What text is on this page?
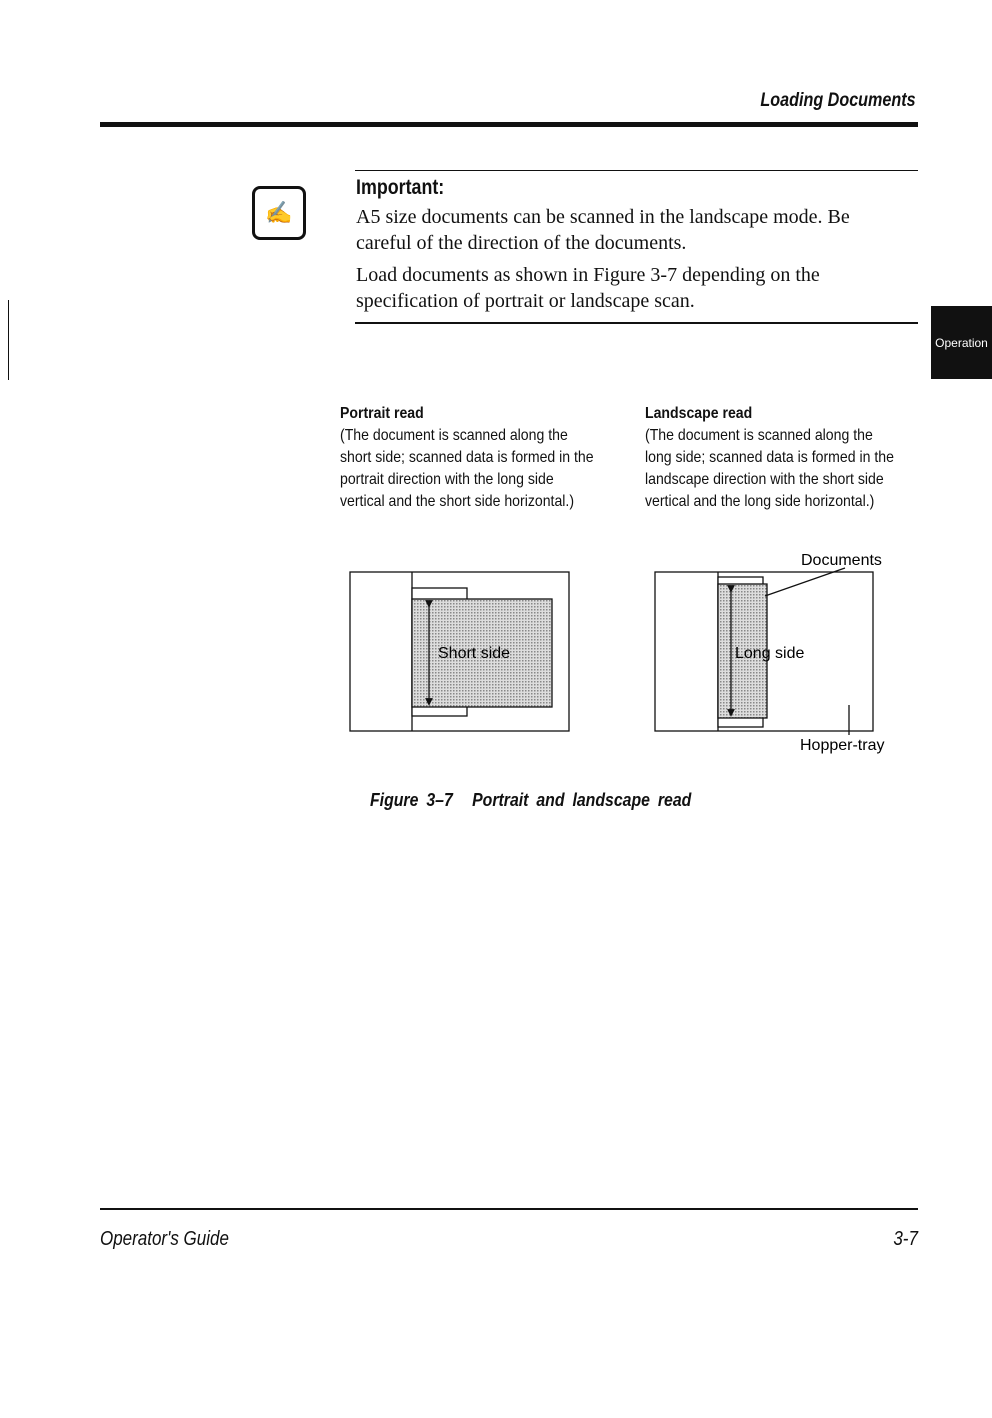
Loading Documents
✍
Important:
A5 size documents can be scanned in the landscape mode. Be careful of the direction of the documents.
Load documents as shown in Figure 3-7 depending on the specification of portrait or landscape scan.
Operation
Portrait read
(The document is scanned along the short side; scanned data is formed in the portrait direction with the long side vertical and the short side horizontal.)
Landscape read
(The document is scanned along the long side; scanned data is formed in the landscape direction with the short side vertical and the long side horizontal.)
Short side	Long side
Documents
Hopper-tray
Figure 3–7 Portrait and landscape read
Operator's Guide	3-7
